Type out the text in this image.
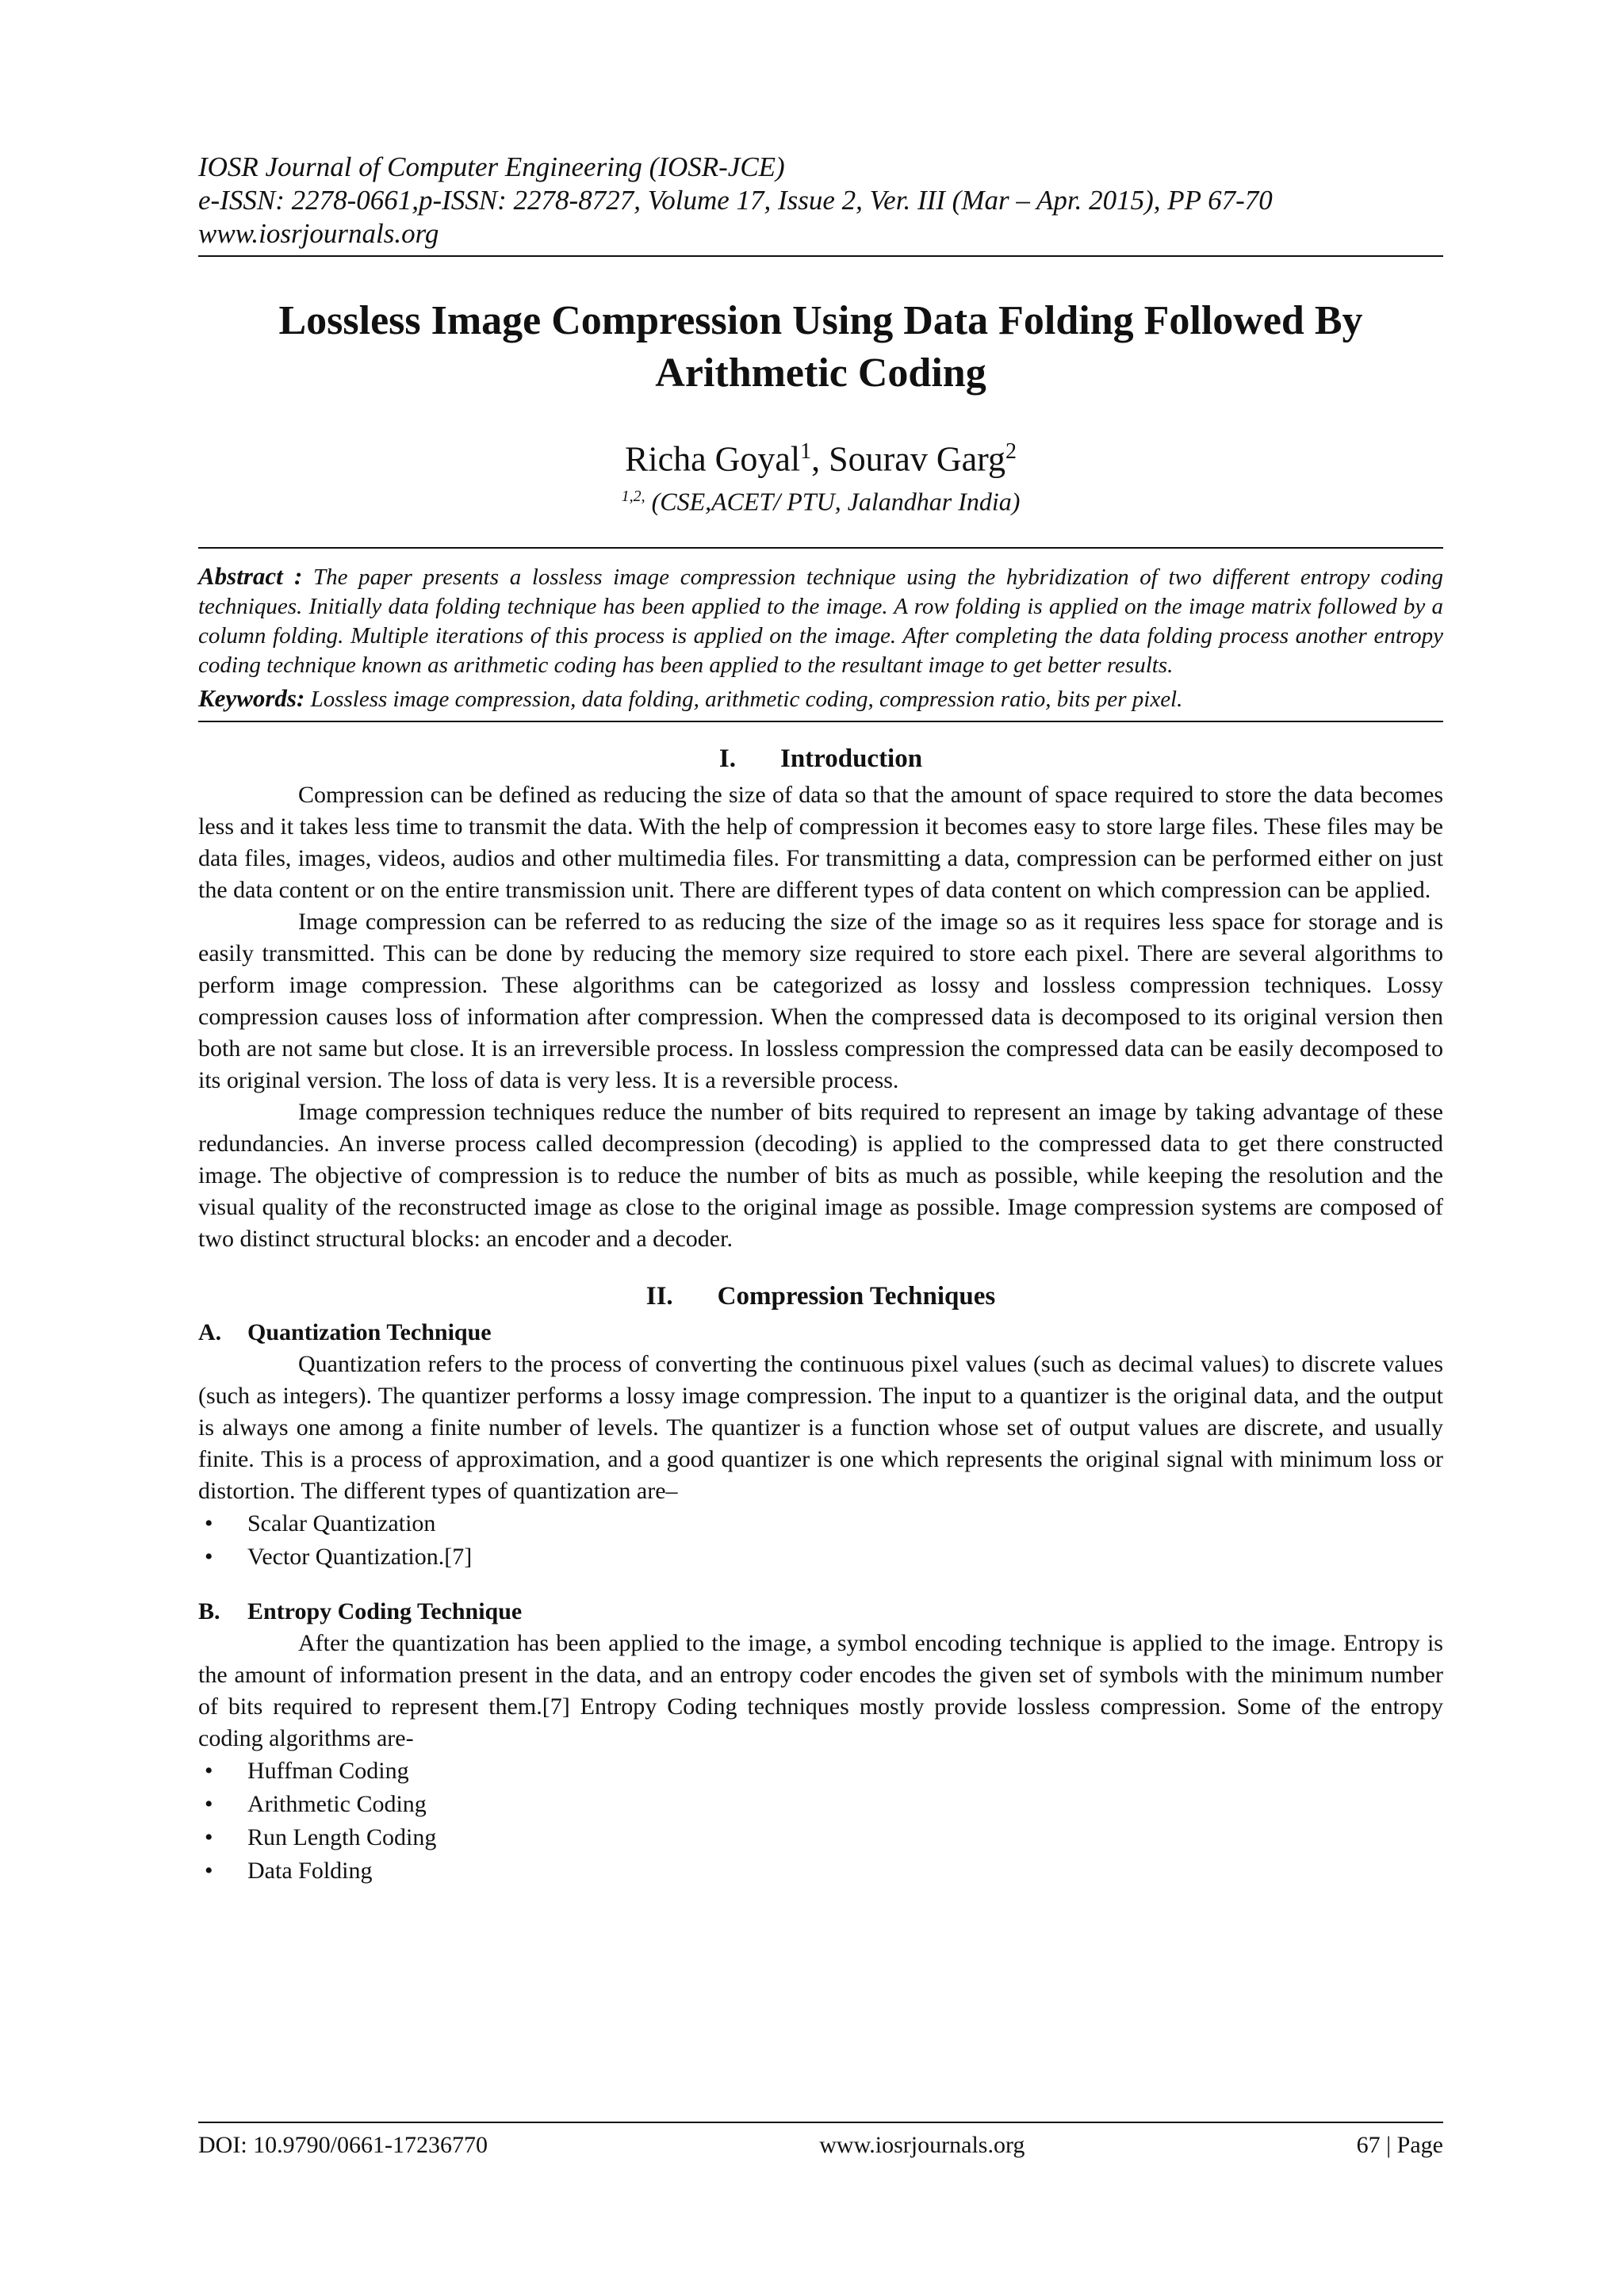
IOSR Journal of Computer Engineering (IOSR-JCE)

e-ISSN: 2278-0661,p-ISSN: 2278-8727, Volume 17, Issue 2, Ver. III (Mar – Apr. 2015), PP 67-70

www.iosrjournals.org

Lossless Image Compression Using Data Folding Followed By Arithmetic Coding

Richa Goyal$^1$, Sourav Garg$^2$

$^{1,2,}$ (CSE,ACET/ PTU, Jalandhar India)

Abstract : The paper presents a lossless image compression technique using the hybridization of two different entropy coding techniques. Initially data folding technique has been applied to the image. A row folding is applied on the image matrix followed by a column folding. Multiple iterations of this process is applied on the image. After completing the data folding process another entropy coding technique known as arithmetic coding has been applied to the resultant image to get better results.

Keywords: Lossless image compression, data folding, arithmetic coding, compression ratio, bits per pixel.

I. Introduction

Compression can be defined as reducing the size of data so that the amount of space required to store the data becomes less and it takes less time to transmit the data. With the help of compression it becomes easy to store large files. These files may be data files, images, videos, audios and other multimedia files. For transmitting a data, compression can be performed either on just the data content or on the entire transmission unit. There are different types of data content on which compression can be applied.

Image compression can be referred to as reducing the size of the image so as it requires less space for storage and is easily transmitted. This can be done by reducing the memory size required to store each pixel. There are several algorithms to perform image compression. These algorithms can be categorized as lossy and lossless compression techniques. Lossy compression causes loss of information after compression. When the compressed data is decomposed to its original version then both are not same but close. It is an irreversible process. In lossless compression the compressed data can be easily decomposed to its original version. The loss of data is very less. It is a reversible process.

Image compression techniques reduce the number of bits required to represent an image by taking advantage of these redundancies. An inverse process called decompression (decoding) is applied to the compressed data to get there constructed image. The objective of compression is to reduce the number of bits as much as possible, while keeping the resolution and the visual quality of the reconstructed image as close to the original image as possible. Image compression systems are composed of two distinct structural blocks: an encoder and a decoder.

II. Compression Techniques

A. Quantization Technique

Quantization refers to the process of converting the continuous pixel values (such as decimal values) to discrete values (such as integers). The quantizer performs a lossy image compression. The input to a quantizer is the original data, and the output is always one among a finite number of levels. The quantizer is a function whose set of output values are discrete, and usually finite. This is a process of approximation, and a good quantizer is one which represents the original signal with minimum loss or distortion. The different types of quantization are–

• Scalar Quantization
• Vector Quantization.[7]

B. Entropy Coding Technique

After the quantization has been applied to the image, a symbol encoding technique is applied to the image. Entropy is the amount of information present in the data, and an entropy coder encodes the given set of symbols with the minimum number of bits required to represent them.[7] Entropy Coding techniques mostly provide lossless compression. Some of the entropy coding algorithms are-

• Huffman Coding
• Arithmetic Coding
• Run Length Coding
• Data Folding
DOI: 10.9790/0661-17236770	www.iosrjournals.org	67 | Page
